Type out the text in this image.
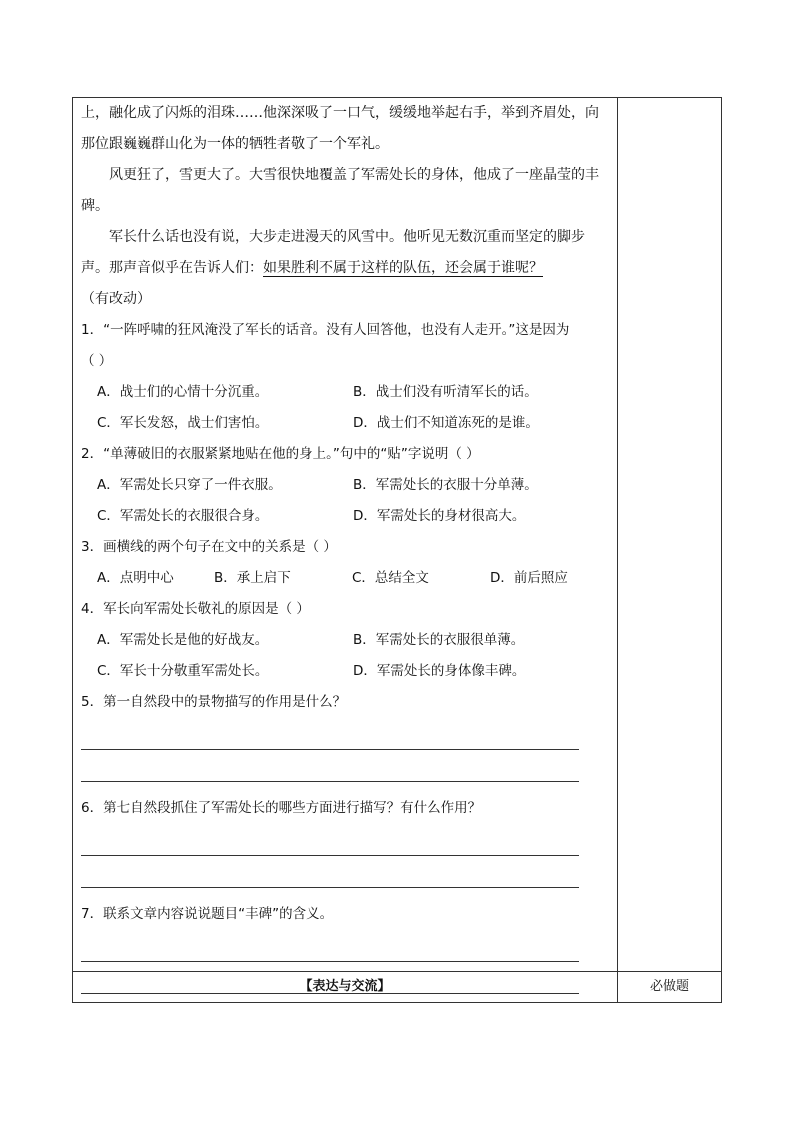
上，融化成了闪烁的泪珠……他深深吸了一口气，缓缓地举起右手，举到齐眉处，向那位跟巍巍群山化为一体的牺牲者敬了一个军礼。

风更狂了，雪更大了。大雪很快地覆盖了军需处长的身体，他成了一座晶莹的丰碑。

军长什么话也没有说，大步走进漫天的风雪中。他听见无数沉重而坚定的脚步声。那声音似乎在告诉人们：如果胜利不属于这样的队伍，还会属于谁呢？（有改动）

1．“一阵呼啸的狂风淹没了军长的话音。没有人回答他，也没有人走开。”这是因为

（ ）

A．战士们的心情十分沉重。	B．战士们没有听清军长的话。
C．军长发怒，战士们害怕。	D．战士们不知道冻死的是谁。

2．“单薄破旧的衣服紧紧地贴在他的身上。”句中的“贴”字说明（ ）

A．军需处长只穿了一件衣服。	B．军需处长的衣服十分单薄。
C．军需处长的衣服很合身。	D．军需处长的身材很高大。

3．画横线的两个句子在文中的关系是（ ）

A．点明中心	B．承上启下	C．总结全文	D．前后照应

4．军长向军需处长敬礼的原因是（ ）

A．军需处长是他的好战友。	B．军需处长的衣服很单薄。
C．军长十分敬重军需处长。	D．军需处长的身体像丰碑。

5．第一自然段中的景物描写的作用是什么？

6．第七自然段抓住了军需处长的哪些方面进行描写？有什么作用？

7．联系文章内容说说题目“丰碑”的含义。

【表达与交流】	必做题
